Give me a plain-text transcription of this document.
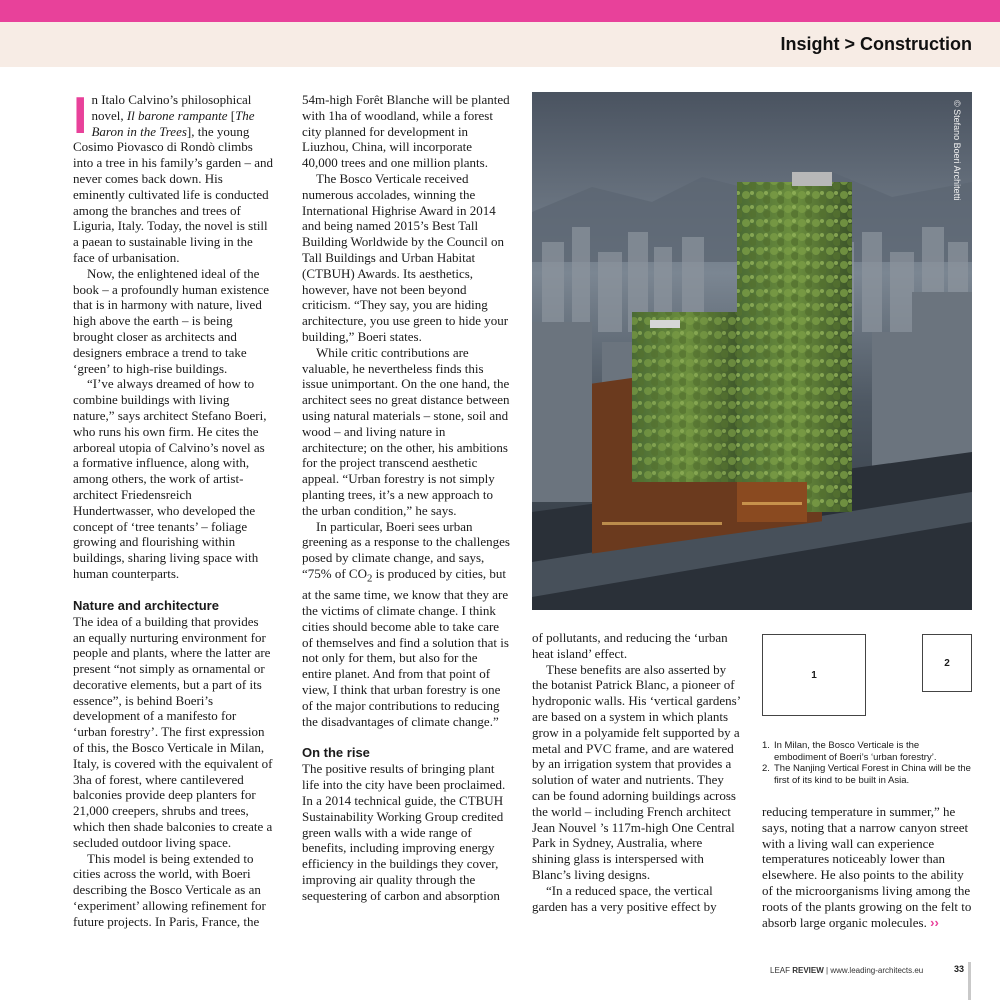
Insight > Construction

In Italo Calvino’s philosophical novel, Il barone rampante [The Baron in the Trees], the young Cosimo Piovasco di Rondò climbs into a tree in his family’s garden – and never comes back down. His eminently cultivated life is conducted among the branches and trees of Liguria, Italy. Today, the novel is still a paean to sustainable living in the face of urbanisation.

Now, the enlightened ideal of the book – a profoundly human existence that is in harmony with nature, lived high above the earth – is being brought closer as architects and designers embrace a trend to take ‘green’ to high-rise buildings.

“I’ve always dreamed of how to combine buildings with living nature,” says architect Stefano Boeri, who runs his own firm. He cites the arboreal utopia of Calvino’s novel as a formative influence, along with, among others, the work of artist-architect Friedensreich Hundertwasser, who developed the concept of ‘tree tenants’ – foliage growing and flourishing within buildings, sharing living space with human counterparts.

Nature and architecture

The idea of a building that provides an equally nurturing environment for people and plants, where the latter are present “not simply as ornamental or decorative elements, but a part of its essence”, is behind Boeri’s development of a manifesto for ‘urban forestry’. The first expression of this, the Bosco Verticale in Milan, Italy, is covered with the equivalent of 3ha of forest, where cantilevered balconies provide deep planters for 21,000 creepers, shrubs and trees, which then shade balconies to create a secluded outdoor living space.

This model is being extended to cities across the world, with Boeri describing the Bosco Verticale as an ‘experiment’ allowing refinement for future projects. In Paris, France, the

54m-high Forêt Blanche will be planted with 1ha of woodland, while a forest city planned for development in Liuzhou, China, will incorporate 40,000 trees and one million plants.

The Bosco Verticale received numerous accolades, winning the International Highrise Award in 2014 and being named 2015’s Best Tall Building Worldwide by the Council on Tall Buildings and Urban Habitat (CTBUH) Awards. Its aesthetics, however, have not been beyond criticism. “They say, you are hiding architecture, you use green to hide your building,” Boeri states.

While critic contributions are valuable, he nevertheless finds this issue unimportant. On the one hand, the architect sees no great distance between using natural materials – stone, soil and wood – and living nature in architecture; on the other, his ambitions for the project transcend aesthetic appeal. “Urban forestry is not simply planting trees, it’s a new approach to the urban condition,” he says.

In particular, Boeri sees urban greening as a response to the challenges posed by climate change, and says, “75% of $CO_2$ is produced by cities, but at the same time, we know that they are the victims of climate change. I think cities should become able to take care of themselves and find a solution that is not only for them, but also for the entire planet. And from that point of view, I think that urban forestry is one of the major contributions to reducing the disadvantages of climate change.”

On the rise

The positive results of bringing plant life into the city have been proclaimed. In a 2014 technical guide, the CTBUH Sustainability Working Group credited green walls with a wide range of benefits, including improving energy efficiency in the buildings they cover, improving air quality through the sequestering of carbon and absorption

© Stefano Boeri Architetti

of pollutants, and reducing the ‘urban heat island’ effect.

These benefits are also asserted by the botanist Patrick Blanc, a pioneer of hydroponic walls. His ‘vertical gardens’ are based on a system in which plants grow in a polyamide felt supported by a metal and PVC frame, and are watered by an irrigation system that provides a solution of water and nutrients. They can be found adorning buildings across the world – including French architect Jean Nouvel ’s 117m-high One Central Park in Sydney, Australia, where shining glass is interspersed with Blanc’s living designs.

“In a reduced space, the vertical garden has a very positive effect by

1
2
1. In Milan, the Bosco Verticale is the embodiment of Boeri’s ‘urban forestry’.
2. The Nanjing Vertical Forest in China will be the first of its kind to be built in Asia.

reducing temperature in summer,” he says, noting that a narrow canyon street with a living wall can experience temperatures noticeably lower than elsewhere. He also points to the ability of the microorganisms living among the roots of the plants growing on the felt to absorb large organic molecules. ››

LEAF REVIEW | www.leading-architects.eu	33
